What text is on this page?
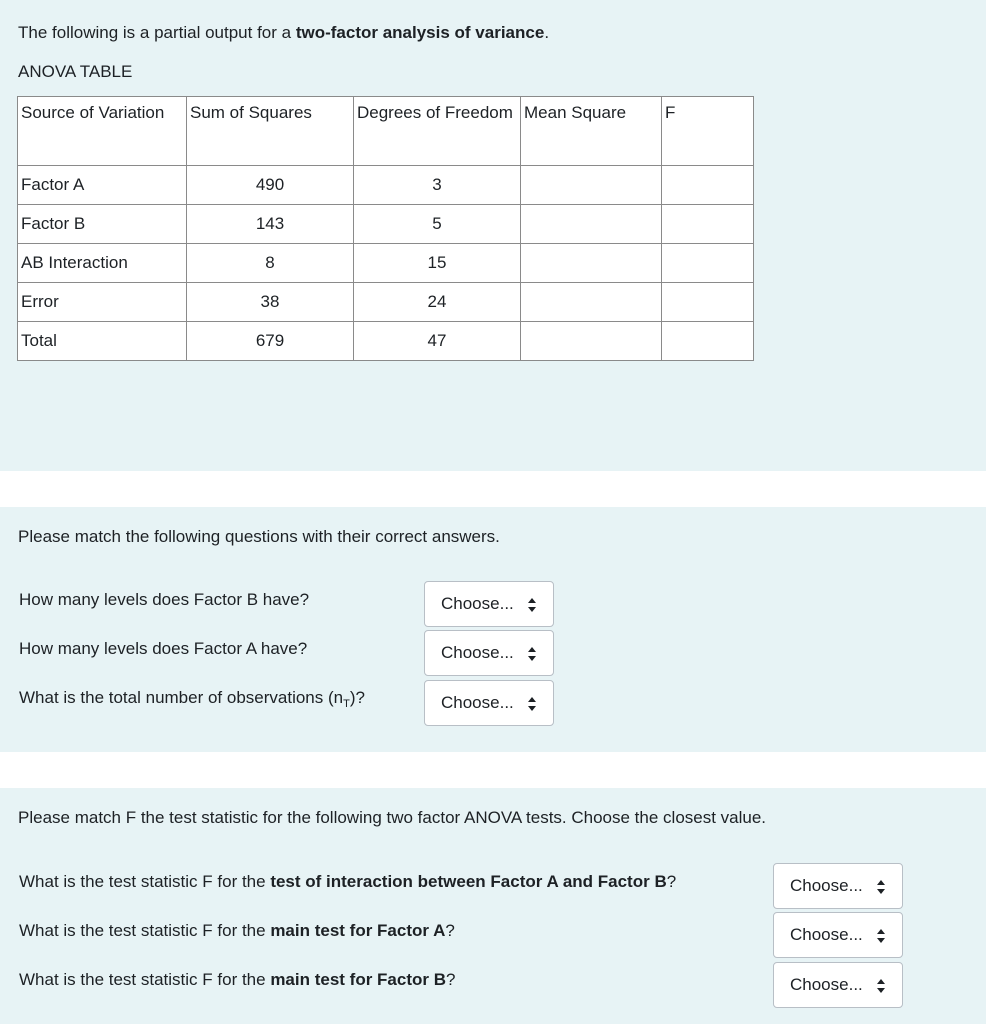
The following is a partial output for a two-factor analysis of variance.
ANOVA TABLE
Source of Variation	Sum of Squares	Degrees of Freedom	Mean Square	F
Factor A	490	3		
Factor B	143	5		
AB Interaction	8	15		
Error	38	24		
Total	679	47		
Please match the following questions with their correct answers.
How many levels does Factor B have?	Choose...
How many levels does Factor A have?	Choose...
What is the total number of observations $(n_T)$?	Choose...
Please match F the test statistic for the following two factor ANOVA tests. Choose the closest value.
What is the test statistic F for the test of interaction between Factor A and Factor B?	Choose...
What is the test statistic F for the main test for Factor A?	Choose...
What is the test statistic F for the main test for Factor B?	Choose...
